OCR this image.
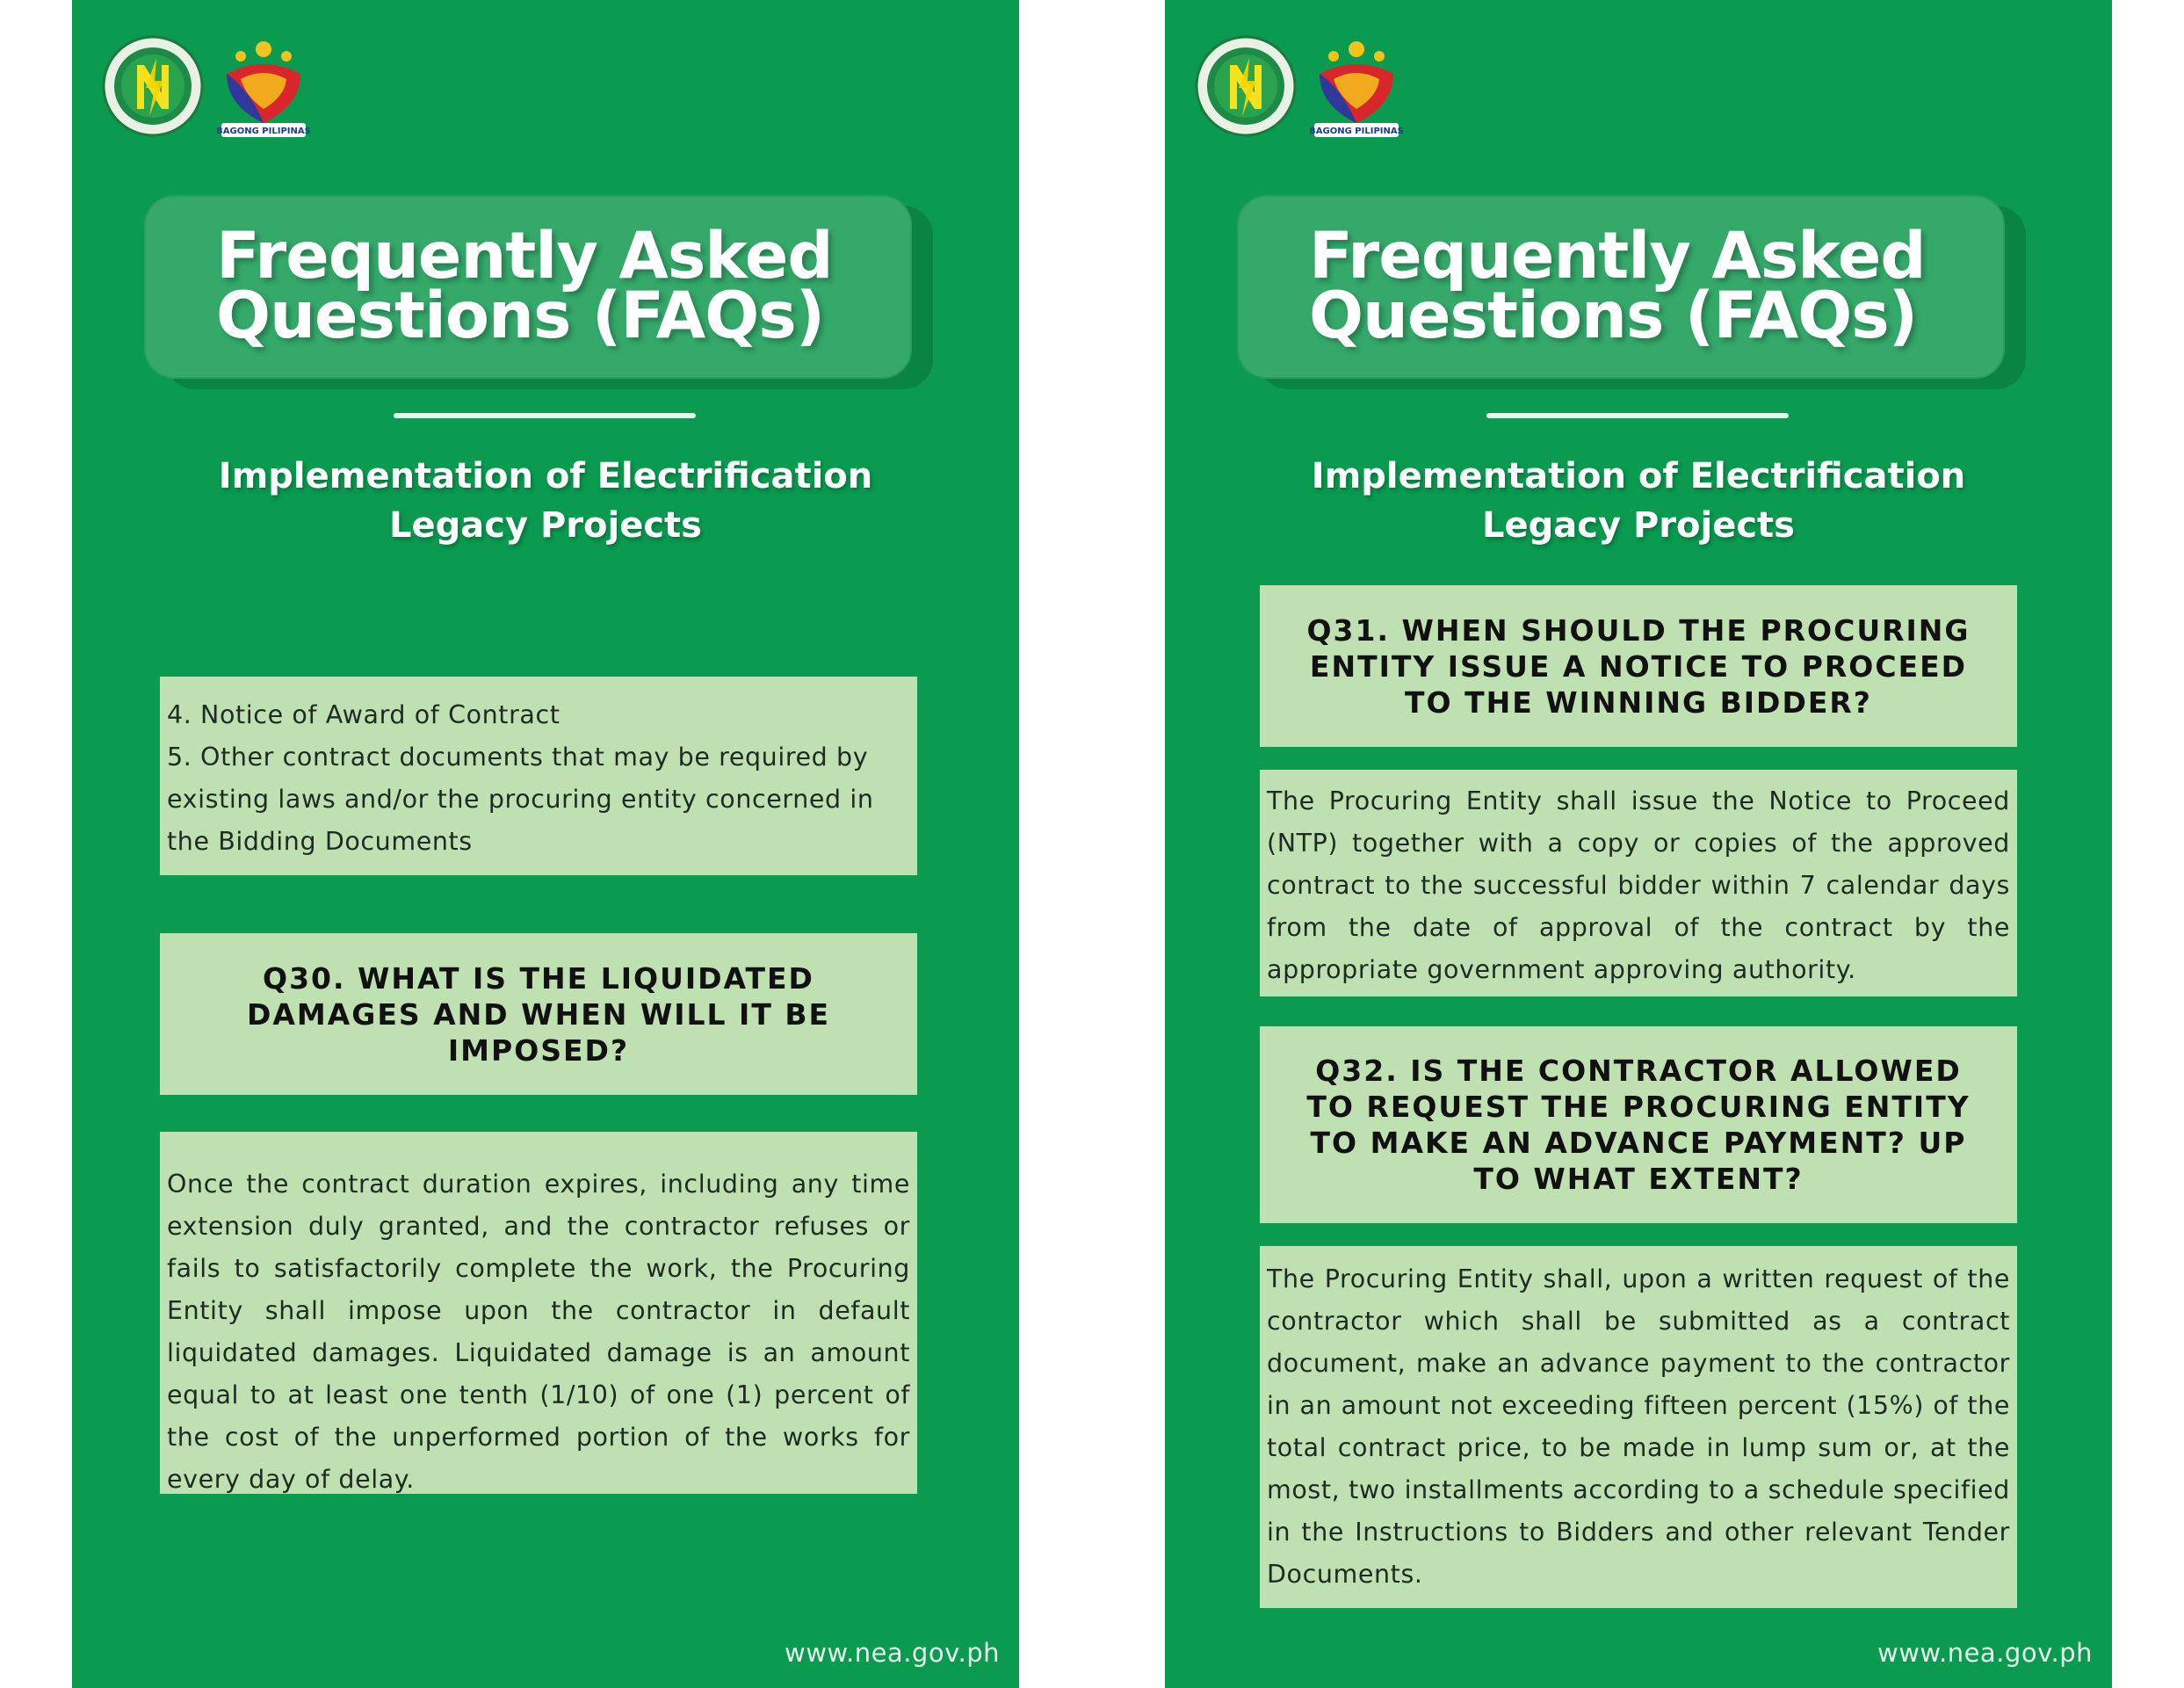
BAGONG PILIPINAS
Frequently Asked
Questions (FAQs)
Implementation of Electrification
Legacy Projects

4. Notice of Award of Contract

5. Other contract documents that may be required by

existing laws and/or the procuring entity concerned in

the Bidding Documents

Q30. WHAT IS THE LIQUIDATED DAMAGES AND WHEN WILL IT BE IMPOSED?

Once the contract duration expires, including any time extension duly granted, and the contractor refuses or fails to satisfactorily complete the work, the Procuring Entity shall impose upon the contractor in default liquidated damages. Liquidated damage is an amount equal to at least one tenth (1/10) of one (1) percent of the cost of the unperformed portion of the works for every day of delay.

www.nea.gov.ph

BAGONG PILIPINAS
Frequently Asked
Questions (FAQs)
Implementation of Electrification
Legacy Projects

Q31. WHEN SHOULD THE PROCURING ENTITY ISSUE A NOTICE TO PROCEED TO THE WINNING BIDDER?

The Procuring Entity shall issue the Notice to Proceed (NTP) together with a copy or copies of the approved contract to the successful bidder within 7 calendar days from the date of approval of the contract by the appropriate government approving authority.

Q32. IS THE CONTRACTOR ALLOWED TO REQUEST THE PROCURING ENTITY TO MAKE AN ADVANCE PAYMENT? UP TO WHAT EXTENT?

The Procuring Entity shall, upon a written request of the contractor which shall be submitted as a contract document, make an advance payment to the contractor in an amount not exceeding fifteen percent (15%) of the total contract price, to be made in lump sum or, at the most, two installments according to a schedule specified in the Instructions to Bidders and other relevant Tender Documents.

www.nea.gov.ph
